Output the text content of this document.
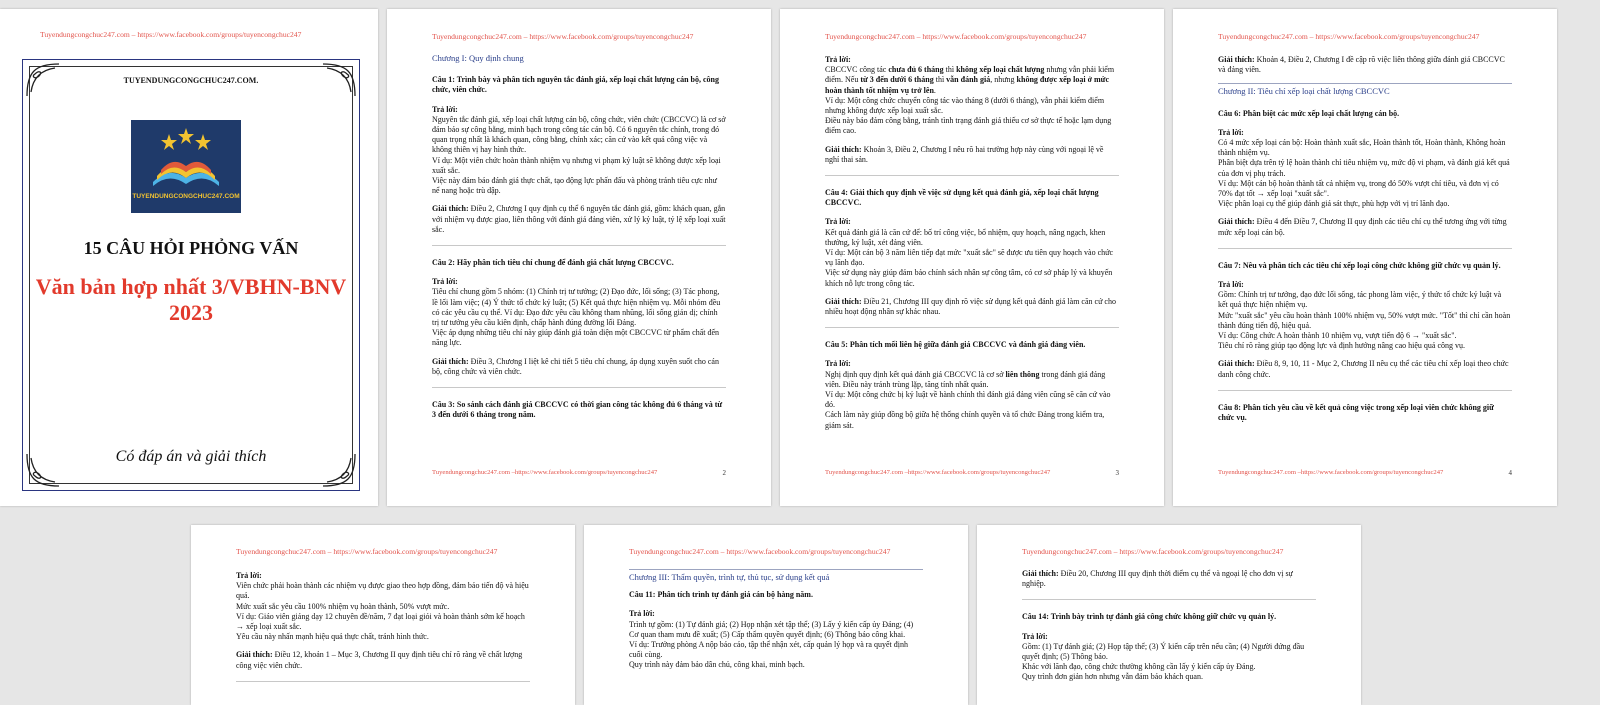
Tuyendungcongchuc247.com – https://www.facebook.com/groups/tuyencongchuc247
TUYENDUNGCONGCHUC247.COM.
TUYENDUNGCONGCHUC247.COM
15 CÂU HỎI PHỎNG VẤN
Văn bản hợp nhất 3/VBHN-BNV 2023
Có đáp án và giải thích
Tuyendungcongchuc247.com – https://www.facebook.com/groups/tuyencongchuc247
Chương I: Quy định chung
Câu 1: Trình bày và phân tích nguyên tắc đánh giá, xếp loại chất lượng cán bộ, công chức, viên chức.
Trả lời:

Nguyên tắc đánh giá, xếp loại chất lượng cán bộ, công chức, viên chức (CBCCVC) là cơ sở đảm bảo sự công bằng, minh bạch trong công tác cán bộ. Có 6 nguyên tắc chính, trong đó quan trọng nhất là khách quan, công bằng, chính xác; căn cứ vào kết quả công việc và không thiên vị hay hình thức.
Ví dụ: Một viên chức hoàn thành nhiệm vụ nhưng vi phạm kỷ luật sẽ không được xếp loại xuất sắc.
Việc này đảm bảo đánh giá thực chất, tạo động lực phấn đấu và phòng tránh tiêu cực như nể nang hoặc trù dập.

Giải thích: Điều 2, Chương I quy định cụ thể 6 nguyên tắc đánh giá, gồm: khách quan, gắn với nhiệm vụ được giao, liên thông với đánh giá đảng viên, xử lý kỷ luật, tỷ lệ xếp loại xuất sắc.

Câu 2: Hãy phân tích tiêu chí chung để đánh giá chất lượng CBCCVC.
Trả lời:

Tiêu chí chung gồm 5 nhóm: (1) Chính trị tư tưởng; (2) Đạo đức, lối sống; (3) Tác phong, lề lối làm việc; (4) Ý thức tổ chức kỷ luật; (5) Kết quả thực hiện nhiệm vụ. Mỗi nhóm đều có các yêu cầu cụ thể. Ví dụ: Đạo đức yêu cầu không tham nhũng, lối sống giản dị; chính trị tư tưởng yêu cầu kiên định, chấp hành đúng đường lối Đảng.
Việc áp dụng những tiêu chí này giúp đánh giá toàn diện một CBCCVC từ phẩm chất đến năng lực.

Giải thích: Điều 3, Chương I liệt kê chi tiết 5 tiêu chí chung, áp dụng xuyên suốt cho cán bộ, công chức và viên chức.

Câu 3: So sánh cách đánh giá CBCCVC có thời gian công tác không đủ 6 tháng và từ 3 đến dưới 6 tháng trong năm.
Tuyendungcongchuc247.com –https://www.facebook.com/groups/tuyencongchuc247	2
Tuyendungcongchuc247.com – https://www.facebook.com/groups/tuyencongchuc247
Trả lời:

CBCCVC công tác chưa đủ 6 tháng thì không xếp loại chất lượng nhưng vẫn phải kiểm điểm. Nếu từ 3 đến dưới 6 tháng thì vẫn đánh giá, nhưng không được xếp loại ở mức hoàn thành tốt nhiệm vụ trở lên.
Ví dụ: Một công chức chuyển công tác vào tháng 8 (dưới 6 tháng), vẫn phải kiểm điểm nhưng không được xếp loại xuất sắc.
Điều này bảo đảm công bằng, tránh tình trạng đánh giá thiếu cơ sở thực tế hoặc lạm dụng điểm cao.

Giải thích: Khoản 3, Điều 2, Chương I nêu rõ hai trường hợp này cùng với ngoại lệ về nghỉ thai sản.

Câu 4: Giải thích quy định về việc sử dụng kết quả đánh giá, xếp loại chất lượng CBCCVC.
Trả lời:

Kết quả đánh giá là căn cứ để: bố trí công việc, bổ nhiệm, quy hoạch, nâng ngạch, khen thưởng, kỷ luật, xét đảng viên.
Ví dụ: Một cán bộ 3 năm liên tiếp đạt mức "xuất sắc" sẽ được ưu tiên quy hoạch vào chức vụ lãnh đạo.
Việc sử dụng này giúp đảm bảo chính sách nhân sự công tâm, có cơ sở pháp lý và khuyến khích nỗ lực trong công tác.

Giải thích: Điều 21, Chương III quy định rõ việc sử dụng kết quả đánh giá làm căn cứ cho nhiều hoạt động nhân sự khác nhau.

Câu 5: Phân tích mối liên hệ giữa đánh giá CBCCVC và đánh giá đảng viên.
Trả lời:

Nghị định quy định kết quả đánh giá CBCCVC là cơ sở liên thông trong đánh giá đảng viên. Điều này tránh trùng lặp, tăng tính nhất quán.
Ví dụ: Một công chức bị kỷ luật về hành chính thì đánh giá đảng viên cũng sẽ căn cứ vào đó.
Cách làm này giúp đồng bộ giữa hệ thống chính quyền và tổ chức Đảng trong kiểm tra, giám sát.

Tuyendungcongchuc247.com –https://www.facebook.com/groups/tuyencongchuc247	3
Tuyendungcongchuc247.com – https://www.facebook.com/groups/tuyencongchuc247

Giải thích: Khoản 4, Điều 2, Chương I đề cập rõ việc liên thông giữa đánh giá CBCCVC và đảng viên.

Chương II: Tiêu chí xếp loại chất lượng CBCCVC
Câu 6: Phân biệt các mức xếp loại chất lượng cán bộ.
Trả lời:

Có 4 mức xếp loại cán bộ: Hoàn thành xuất sắc, Hoàn thành tốt, Hoàn thành, Không hoàn thành nhiệm vụ.
Phân biệt dựa trên tỷ lệ hoàn thành chỉ tiêu nhiệm vụ, mức độ vi phạm, và đánh giá kết quả của đơn vị phụ trách.
Ví dụ: Một cán bộ hoàn thành tất cả nhiệm vụ, trong đó 50% vượt chỉ tiêu, và đơn vị có 70% đạt tốt → xếp loại "xuất sắc".
Việc phân loại cụ thể giúp đánh giá sát thực, phù hợp với vị trí lãnh đạo.

Giải thích: Điều 4 đến Điều 7, Chương II quy định các tiêu chí cụ thể tương ứng với từng mức xếp loại cán bộ.

Câu 7: Nêu và phân tích các tiêu chí xếp loại công chức không giữ chức vụ quản lý.
Trả lời:

Gồm: Chính trị tư tưởng, đạo đức lối sống, tác phong làm việc, ý thức tổ chức kỷ luật và kết quả thực hiện nhiệm vụ.
Mức "xuất sắc" yêu cầu hoàn thành 100% nhiệm vụ, 50% vượt mức. "Tốt" thì chỉ cần hoàn thành đúng tiến độ, hiệu quả.
Ví dụ: Công chức A hoàn thành 10 nhiệm vụ, vượt tiến độ 6 → "xuất sắc".
Tiêu chí rõ ràng giúp tạo động lực và định hướng nâng cao hiệu quả công vụ.

Giải thích: Điều 8, 9, 10, 11 - Mục 2, Chương II nêu cụ thể các tiêu chí xếp loại theo chức danh công chức.

Câu 8: Phân tích yêu cầu về kết quả công việc trong xếp loại viên chức không giữ chức vụ.
Tuyendungcongchuc247.com –https://www.facebook.com/groups/tuyencongchuc247	4
Tuyendungcongchuc247.com – https://www.facebook.com/groups/tuyencongchuc247
Trả lời:

Viên chức phải hoàn thành các nhiệm vụ được giao theo hợp đồng, đảm bảo tiến độ và hiệu quả.
Mức xuất sắc yêu cầu 100% nhiệm vụ hoàn thành, 50% vượt mức.
Ví dụ: Giáo viên giảng dạy 12 chuyên đề/năm, 7 đạt loại giỏi và hoàn thành sớm kế hoạch → xếp loại xuất sắc.
Yêu cầu này nhấn mạnh hiệu quả thực chất, tránh hình thức.

Giải thích: Điều 12, khoản 1 – Mục 3, Chương II quy định tiêu chí rõ ràng về chất lượng công việc viên chức.

Tuyendungcongchuc247.com – https://www.facebook.com/groups/tuyencongchuc247
Chương III: Thẩm quyền, trình tự, thủ tục, sử dụng kết quả
Câu 11: Phân tích trình tự đánh giá cán bộ hàng năm.
Trả lời:

Trình tự gồm: (1) Tự đánh giá; (2) Họp nhận xét tập thể; (3) Lấy ý kiến cấp ủy Đảng; (4) Cơ quan tham mưu đề xuất; (5) Cấp thẩm quyền quyết định; (6) Thông báo công khai.
Ví dụ: Trưởng phòng A nộp báo cáo, tập thể nhận xét, cấp quản lý họp và ra quyết định cuối cùng.
Quy trình này đảm bảo dân chủ, công khai, minh bạch.

Tuyendungcongchuc247.com – https://www.facebook.com/groups/tuyencongchuc247

Giải thích: Điều 20, Chương III quy định thời điểm cụ thể và ngoại lệ cho đơn vị sự nghiệp.

Câu 14: Trình bày trình tự đánh giá công chức không giữ chức vụ quản lý.
Trả lời:

Gồm: (1) Tự đánh giá; (2) Họp tập thể; (3) Ý kiến cấp trên nếu cần; (4) Người đứng đầu quyết định; (5) Thông báo.
Khác với lãnh đạo, công chức thường không cần lấy ý kiến cấp ủy Đảng.
Quy trình đơn giản hơn nhưng vẫn đảm bảo khách quan.
